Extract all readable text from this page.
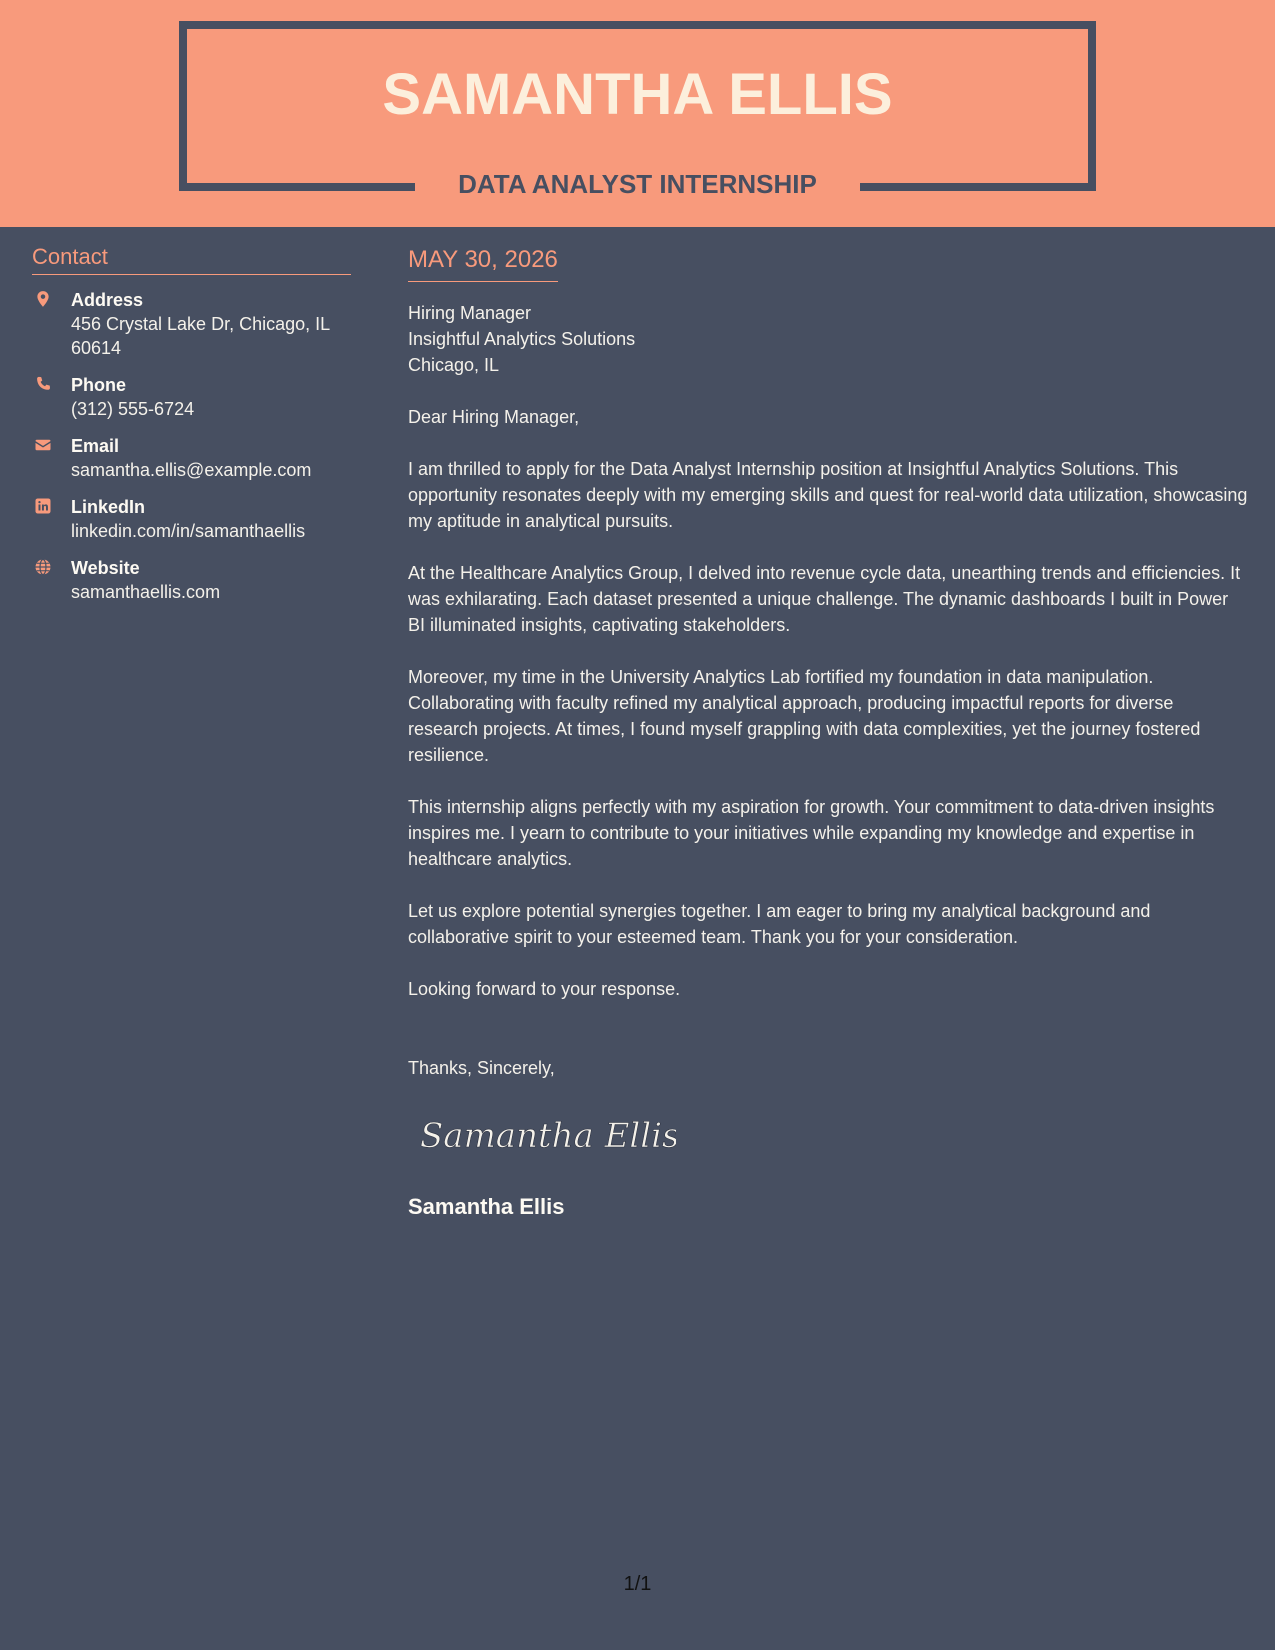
SAMANTHA ELLIS
DATA ANALYST INTERNSHIP
Contact
Address
456 Crystal Lake Dr, Chicago, IL 60614
Phone
(312) 555-6724
Email
samantha.ellis@example.com
LinkedIn
linkedin.com/in/samanthaellis
Website
samanthaellis.com
MAY 30, 2026
Hiring Manager
Insightful Analytics Solutions
Chicago, IL
Dear Hiring Manager,
I am thrilled to apply for the Data Analyst Internship position at Insightful Analytics Solutions. This opportunity resonates deeply with my emerging skills and quest for real-world data utilization, showcasing my aptitude in analytical pursuits.
At the Healthcare Analytics Group, I delved into revenue cycle data, unearthing trends and efficiencies. It was exhilarating. Each dataset presented a unique challenge. The dynamic dashboards I built in Power BI illuminated insights, captivating stakeholders.
Moreover, my time in the University Analytics Lab fortified my foundation in data manipulation. Collaborating with faculty refined my analytical approach, producing impactful reports for diverse research projects. At times, I found myself grappling with data complexities, yet the journey fostered resilience.
This internship aligns perfectly with my aspiration for growth. Your commitment to data-driven insights inspires me. I yearn to contribute to your initiatives while expanding my knowledge and expertise in healthcare analytics.
Let us explore potential synergies together. I am eager to bring my analytical background and collaborative spirit to your esteemed team. Thank you for your consideration.
Looking forward to your response.
Thanks, Sincerely,
Samantha Ellis
Samantha Ellis
1/1
